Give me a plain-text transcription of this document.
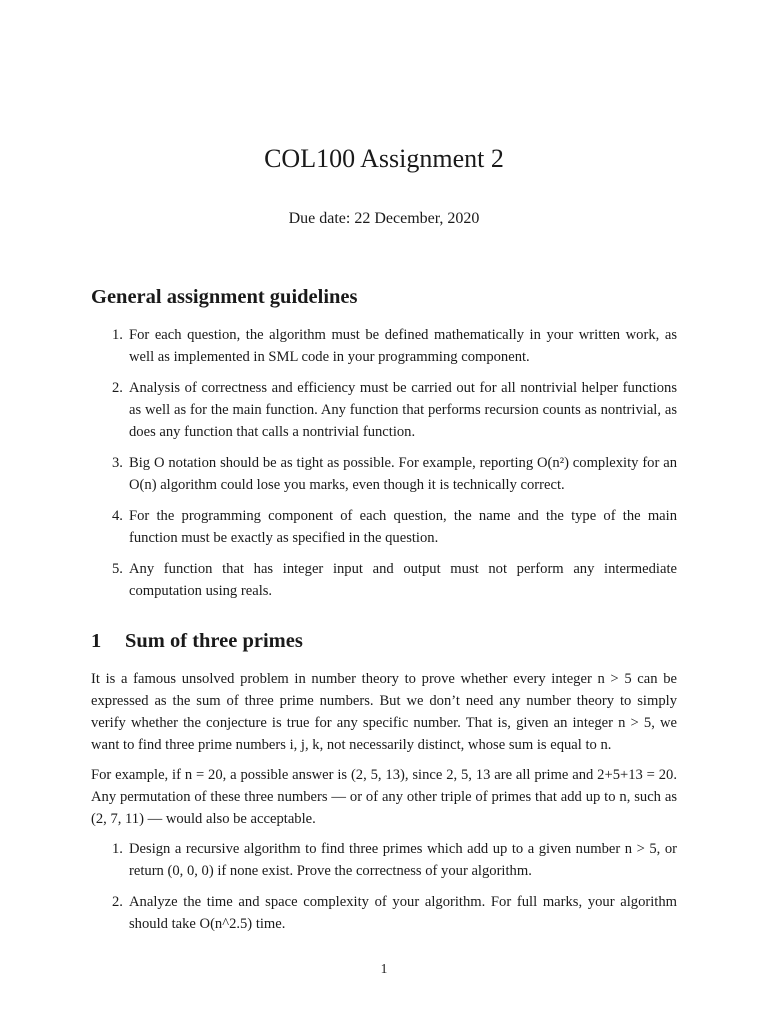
COL100 Assignment 2
Due date: 22 December, 2020
General assignment guidelines
1. For each question, the algorithm must be defined mathematically in your written work, as well as implemented in SML code in your programming component.
2. Analysis of correctness and efficiency must be carried out for all nontrivial helper functions as well as for the main function. Any function that performs recursion counts as nontrivial, as does any function that calls a nontrivial function.
3. Big O notation should be as tight as possible. For example, reporting O(n²) complexity for an O(n) algorithm could lose you marks, even though it is technically correct.
4. For the programming component of each question, the name and the type of the main function must be exactly as specified in the question.
5. Any function that has integer input and output must not perform any intermediate computation using reals.
1 Sum of three primes
It is a famous unsolved problem in number theory to prove whether every integer n > 5 can be expressed as the sum of three prime numbers. But we don’t need any number theory to simply verify whether the conjecture is true for any specific number. That is, given an integer n > 5, we want to find three prime numbers i, j, k, not necessarily distinct, whose sum is equal to n.
For example, if n = 20, a possible answer is (2, 5, 13), since 2, 5, 13 are all prime and 2+5+13 = 20. Any permutation of these three numbers — or of any other triple of primes that add up to n, such as (2, 7, 11) — would also be acceptable.
1. Design a recursive algorithm to find three primes which add up to a given number n > 5, or return (0, 0, 0) if none exist. Prove the correctness of your algorithm.
2. Analyze the time and space complexity of your algorithm. For full marks, your algorithm should take O(n^2.5) time.
1
